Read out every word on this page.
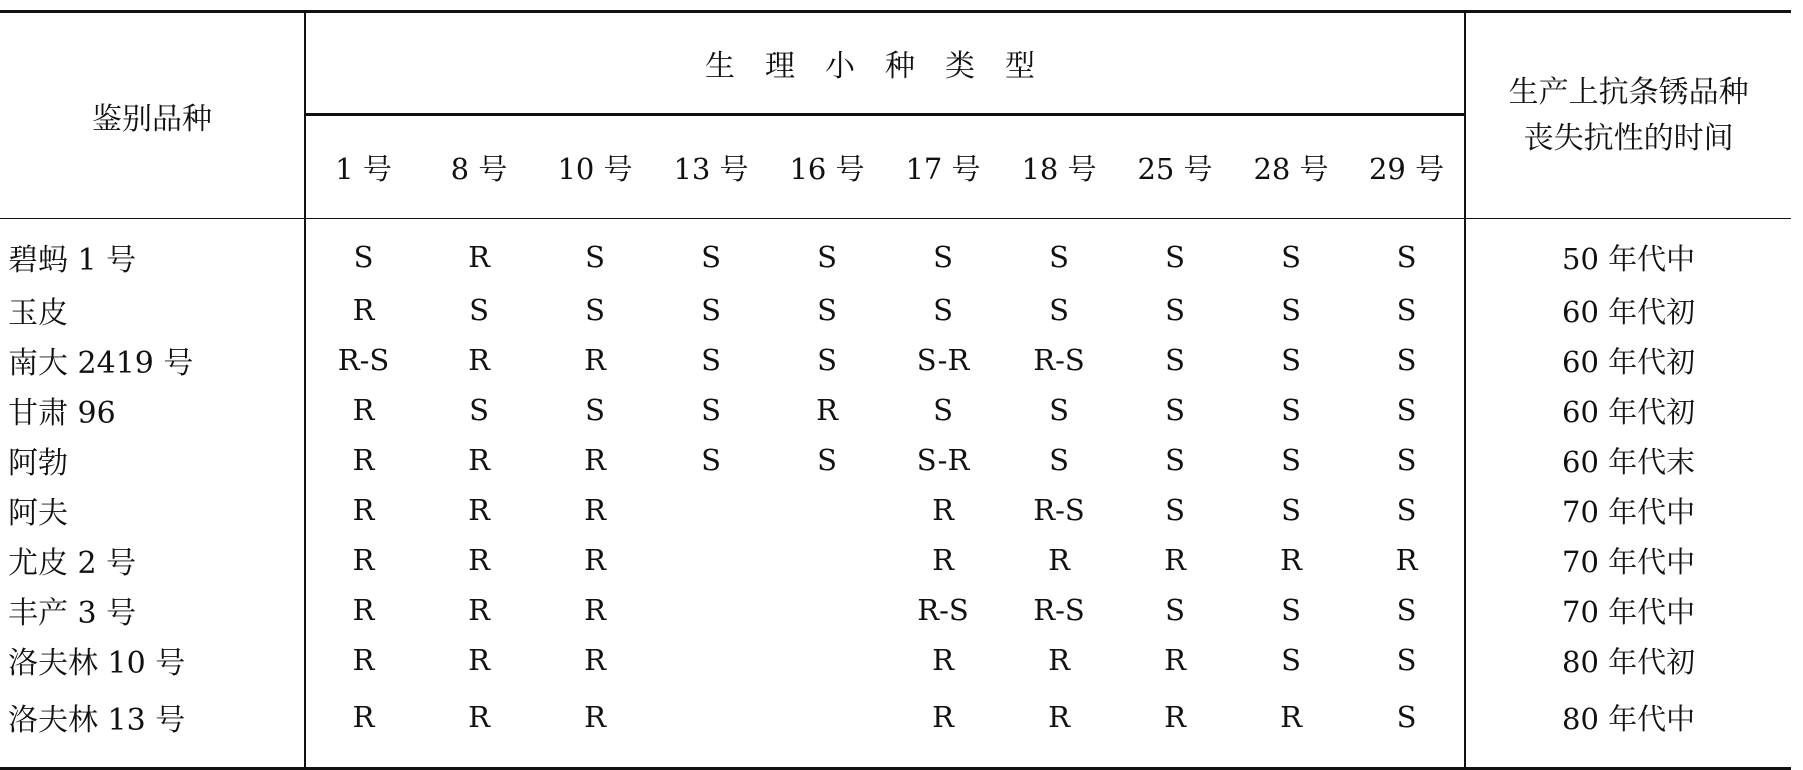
鉴别品种	生理小种类型										生产上抗条锈品种
丧失抗性的时间

	1 号	8 号	10 号	13 号	16 号	17 号	18 号	25 号	28 号	29 号	
碧蚂 1 号	S	R	S	S	S	S	S	S	S	S	50 年代中
玉皮	R	S	S	S	S	S	S	S	S	S	60 年代初
南大 2419 号	R-S	R	R	S	S	S-R	R-S	S	S	S	60 年代初
甘肃 96	R	S	S	S	R	S	S	S	S	S	60 年代初
阿勃	R	R	R	S	S	S-R	S	S	S	S	60 年代末
阿夫	R	R	R			R	R-S	S	S	S	70 年代中
尤皮 2 号	R	R	R			R	R	R	R	R	70 年代中
丰产 3 号	R	R	R			R-S	R-S	S	S	S	70 年代中
洛夫林 10 号	R	R	R			R	R	R	S	S	80 年代初
洛夫林 13 号	R	R	R			R	R	R	R	S	80 年代中
